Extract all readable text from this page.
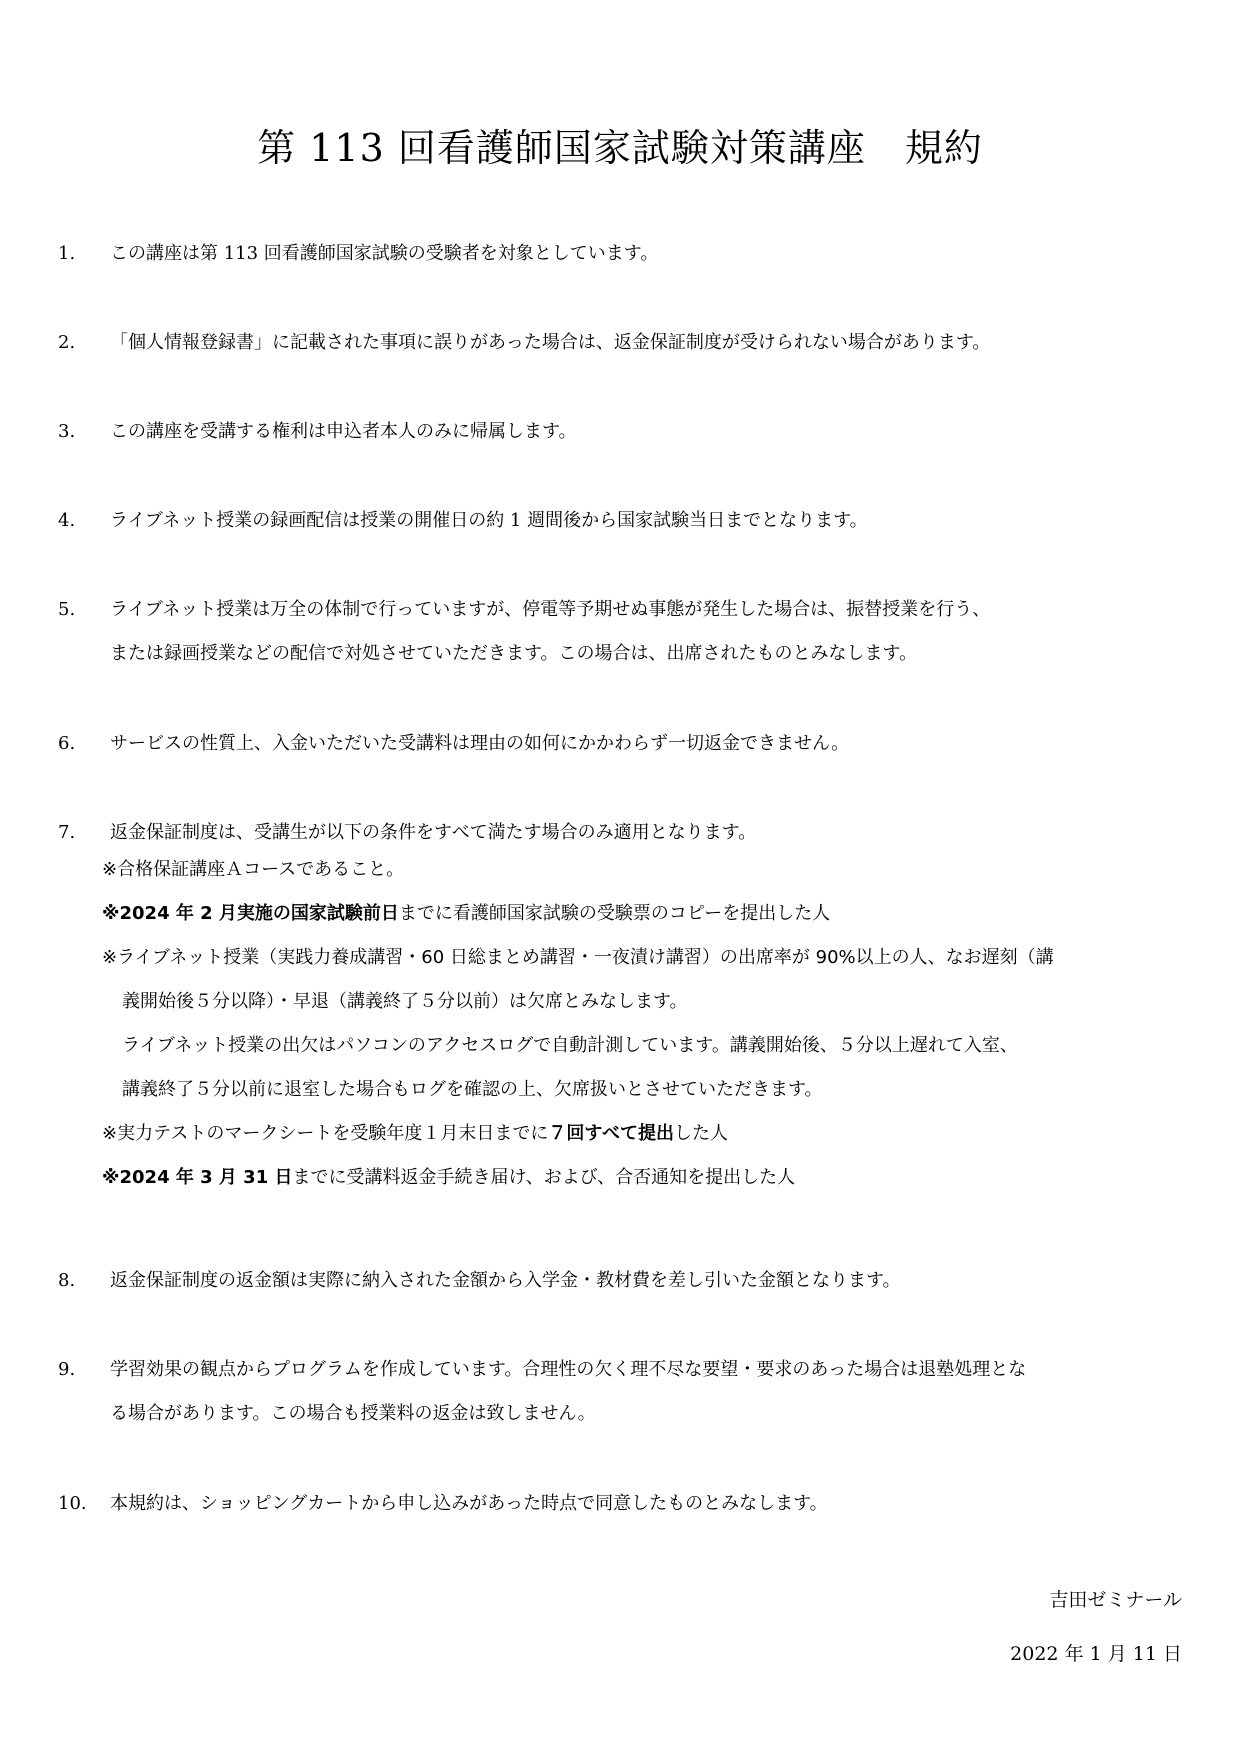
第 113 回看護師国家試験対策講座　規約
1. この講座は第 113 回看護師国家試験の受験者を対象としています。
2. 「個人情報登録書」に記載された事項に誤りがあった場合は、返金保証制度が受けられない場合があります。
3. この講座を受講する権利は申込者本人のみに帰属します。
4. ライブネット授業の録画配信は授業の開催日の約 1 週間後から国家試験当日までとなります。
5. ライブネット授業は万全の体制で行っていますが、停電等予期せぬ事態が発生した場合は、振替授業を行う、
または録画授業などの配信で対処させていただきます。この場合は、出席されたものとみなします。
6. サービスの性質上、入金いただいた受講料は理由の如何にかかわらず一切返金できません。
7. 返金保証制度は、受講生が以下の条件をすべて満たす場合のみ適用となります。
※合格保証講座Ａコースであること。
※2024 年 2 月実施の国家試験前日までに看護師国家試験の受験票のコピーを提出した人
※ライブネット授業（実践力養成講習・60 日総まとめ講習・一夜漬け講習）の出席率が 90%以上の人、なお遅刻（講
義開始後５分以降）・早退（講義終了５分以前）は欠席とみなします。
ライブネット授業の出欠はパソコンのアクセスログで自動計測しています。講義開始後、５分以上遅れて入室、
講義終了５分以前に退室した場合もログを確認の上、欠席扱いとさせていただきます。
※実力テストのマークシートを受験年度１月末日までに７回すべて提出した人
※2024 年 3 月 31 日までに受講料返金手続き届け、および、合否通知を提出した人
8. 返金保証制度の返金額は実際に納入された金額から入学金・教材費を差し引いた金額となります。
9. 学習効果の観点からプログラムを作成しています。合理性の欠く理不尽な要望・要求のあった場合は退塾処理とな
る場合があります。この場合も授業料の返金は致しません。
10. 本規約は、ショッピングカートから申し込みがあった時点で同意したものとみなします。
吉田ゼミナール
2022 年 1 月 11 日
